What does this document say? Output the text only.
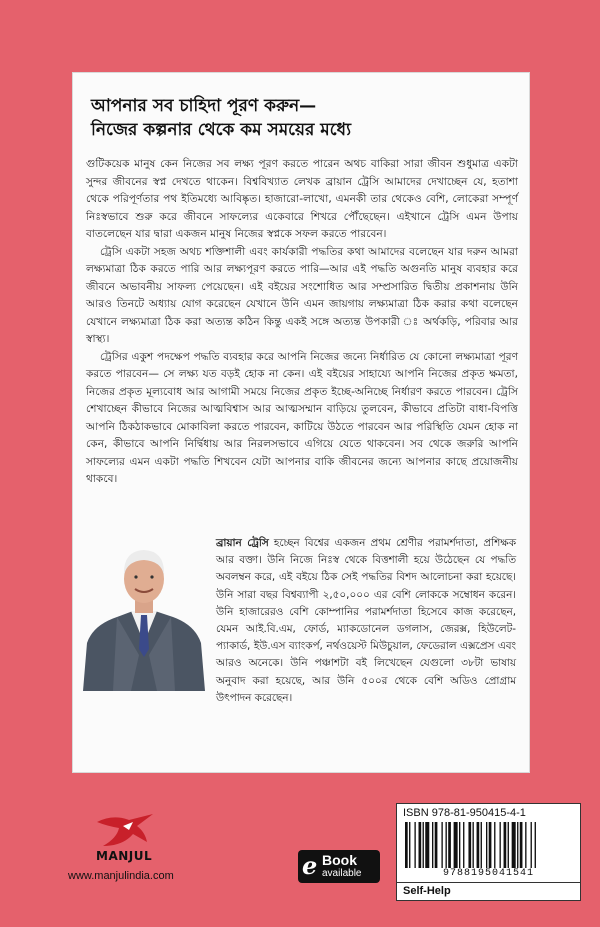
আপনার সব চাহিদা পূরণ করুন—
নিজের কল্পনার থেকে কম সময়ের মধ্যে

গুটিকয়েক মানুষ কেন নিজের সব লক্ষ্য পূরণ করতে পারেন অথচ বাকিরা সারা জীবন শুধুমাত্র একটা সুন্দর জীবনের স্বপ্ন দেখতে থাকেন। বিশ্ববিখ্যাত লেখক ব্রায়ান ট্রেসি আমাদের দেখাচ্ছেন যে, হতাশা থেকে পরিপূর্ণতার পথ ইতিমধ্যে আবিষ্কৃত। হাজারো-লাখো, এমনকী তার থেকেও বেশি, লোকেরা সম্পূর্ণ নিঃস্বভাবে শুরু করে জীবনে সাফল্যের একেবারে শিখরে পৌঁছেছেন। এইখানে ট্রেসি এমন উপায় বাতলেছেন যার দ্বারা একজন মানুষ নিজের স্বপ্নকে সফল করতে পারবেন।

ট্রেসি একটা সহজ অথচ শক্তিশালী এবং কার্যকারী পদ্ধতির কথা আমাদের বলেছেন যার দরুন আমরা লক্ষ্যমাত্রা ঠিক করতে পারি আর লক্ষ্যপূরণ করতে পারি—আর এই পদ্ধতি অগুনতি মানুষ ব্যবহার করে জীবনে অভাবনীয় সাফল্য পেয়েছেন। এই বইয়ের সংশোধিত আর সম্প্রসারিত দ্বিতীয় প্রকাশনায় উনি আরও তিনটে অধ্যায় যোগ করেছেন যেখানে উনি এমন জায়গায় লক্ষ্যমাত্রা ঠিক করার কথা বলেছেন যেখানে লক্ষ্যমাত্রা ঠিক করা অত্যন্ত কঠিন কিন্তু একই সঙ্গে অত্যন্ত উপকারী ঃ অর্থকড়ি, পরিবার আর স্বাস্থ্য।

ট্রেসির একুশ পদক্ষেপ পদ্ধতি ব্যবহার করে আপনি নিজের জন্যে নির্ধারিত যে কোনো লক্ষ্যমাত্রা পূরণ করতে পারবেন— সে লক্ষ্য যত বড়ই হোক না কেন। এই বইয়ের সাহায্যে আপনি নিজের প্রকৃত ক্ষমতা, নিজের প্রকৃত মূল্যবোধ আর আগামী সময়ে নিজের প্রকৃত ইচ্ছে-অনিচ্ছে নির্ধারণ করতে পারবেন। ট্রেসি শেখাচ্ছেন কীভাবে নিজের আত্মবিশ্বাস আর আত্মসম্মান বাড়িয়ে তুলবেন, কীভাবে প্রতিটা বাধা-বিপত্তি আপনি ঠিকঠাকভাবে মোকাবিলা করতে পারবেন, কাটিয়ে উঠতে পারবেন আর পরিস্থিতি যেমন হোক না কেন, কীভাবে আপনি নির্দ্বিধায় আর নিরলসভাবে এগিয়ে যেতে থাকবেন। সব থেকে জরুরি আপনি সাফল্যের এমন একটা পদ্ধতি শিখবেন যেটা আপনার বাকি জীবনের জন্যে আপনার কাছে প্রয়োজনীয় থাকবে।

ব্রায়ান ট্রেসি হচ্ছেন বিশ্বের একজন প্রথম শ্রেণীর পরামর্শদাতা, প্রশিক্ষক আর বক্তা। উনি নিজে নিঃস্ব থেকে বিত্তশালী হয়ে উঠেছেন যে পদ্ধতি অবলম্বন করে, এই বইয়ে ঠিক সেই পদ্ধতির বিশদ আলোচনা করা হয়েছে। উনি সারা বছর বিশ্বব্যাপী ২,৫০,০০০ এর বেশি লোককে সম্বোধন করেন। উনি হাজারেরও বেশি কোম্পানির পরামর্শদাতা হিসেবে কাজ করেছেন, যেমন আই.বি.এম, ফোর্ড, ম্যাকডোনেল ডগলাস, জেরক্স, হিউলেট-প্যাকার্ড, ইউ.এস ব্যাংকর্প, নর্থওয়েস্ট মিউচুয়াল, ফেডেরাল এক্সপ্রেস এবং আরও অনেকে। উনি পঞ্চাশটা বই লিখেছেন যেগুলো ৩৮টা ভাষায় অনুবাদ করা হয়েছে, আর উনি ৫০০র থেকে বেশি অডিও প্রোগ্রাম উৎপাদন করেছেন।
MANJUL
www.manjulindia.com	e Book
available
ISBN 978-81-950415-4-1
9788195041541
Self-Help
